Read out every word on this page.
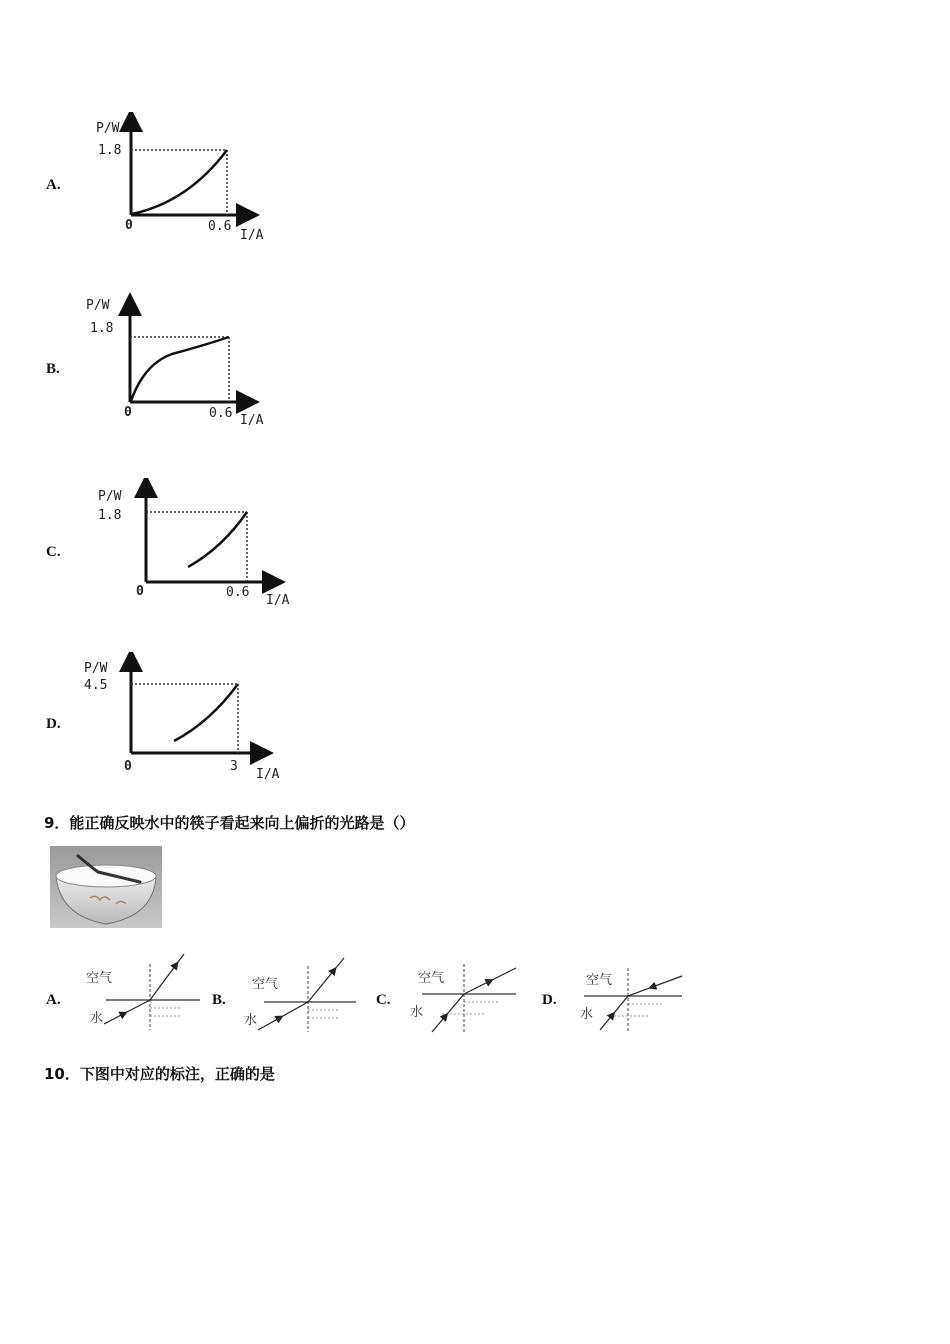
A.
P/W
1.8
0	0.6
I/A
B.
P/W
1.8
0	0.6 I/A
C.
P/W
1.8
0	0.6
I/A
D.
P/W
4.5
0	3
I/A
9．能正确反映水中的筷子看起来向上偏折的光路是（）
A.
空气
水
B.
空气
水
C.
空气
水
D.
空气
水
10．下图中对应的标注，正确的是
